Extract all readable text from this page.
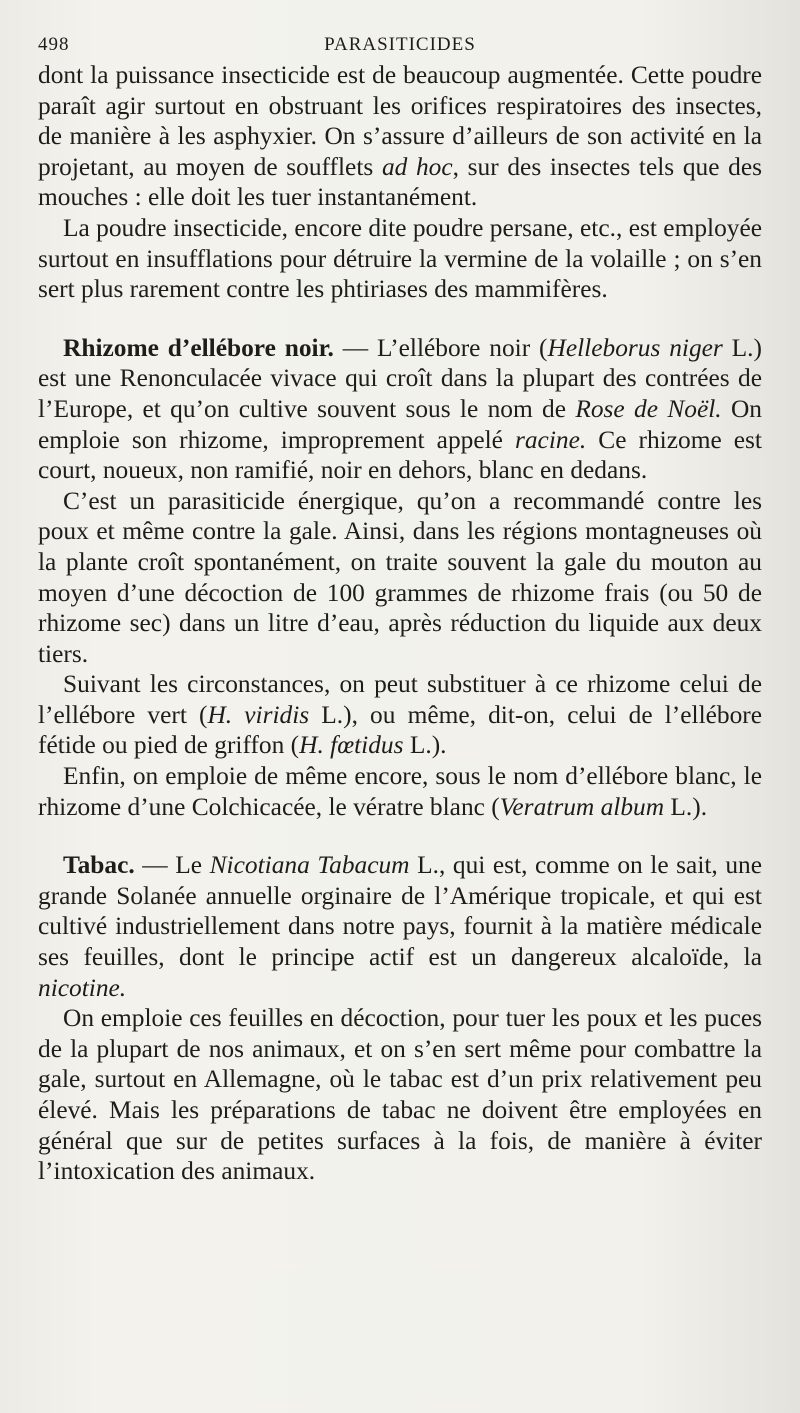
498	PARASITICIDES

dont la puissance insecticide est de beaucoup augmentée. Cette poudre paraît agir surtout en obstruant les orifices respiratoires des insectes, de manière à les asphyxier. On s’assure d’ailleurs de son activité en la projetant, au moyen de soufflets ad hoc, sur des insectes tels que des mouches : elle doit les tuer instantanément.

La poudre insecticide, encore dite poudre persane, etc., est employée surtout en insufflations pour détruire la vermine de la volaille ; on s’en sert plus rarement contre les phtiriases des mammifères.

Rhizome d’ellébore noir. — L’ellébore noir (Helleborus niger L.) est une Renonculacée vivace qui croît dans la plupart des contrées de l’Europe, et qu’on cultive souvent sous le nom de Rose de Noël. On emploie son rhizome, improprement appelé racine. Ce rhizome est court, noueux, non ramifié, noir en dehors, blanc en dedans.

C’est un parasiticide énergique, qu’on a recommandé contre les poux et même contre la gale. Ainsi, dans les régions montagneuses où la plante croît spontanément, on traite souvent la gale du mouton au moyen d’une décoction de 100 grammes de rhizome frais (ou 50 de rhizome sec) dans un litre d’eau, après réduction du liquide aux deux tiers.

Suivant les circonstances, on peut substituer à ce rhizome celui de l’ellébore vert (H. viridis L.), ou même, dit-on, celui de l’ellébore fétide ou pied de griffon (H. fœtidus L.).

Enfin, on emploie de même encore, sous le nom d’ellébore blanc, le rhizome d’une Colchicacée, le vératre blanc (Veratrum album L.).

Tabac. — Le Nicotiana Tabacum L., qui est, comme on le sait, une grande Solanée annuelle orginaire de l’Amérique tropicale, et qui est cultivé industriellement dans notre pays, fournit à la matière médicale ses feuilles, dont le principe actif est un dangereux alcaloïde, la nicotine.

On emploie ces feuilles en décoction, pour tuer les poux et les puces de la plupart de nos animaux, et on s’en sert même pour combattre la gale, surtout en Allemagne, où le tabac est d’un prix relativement peu élevé. Mais les préparations de tabac ne doivent être employées en général que sur de petites surfaces à la fois, de manière à éviter l’intoxication des animaux.
